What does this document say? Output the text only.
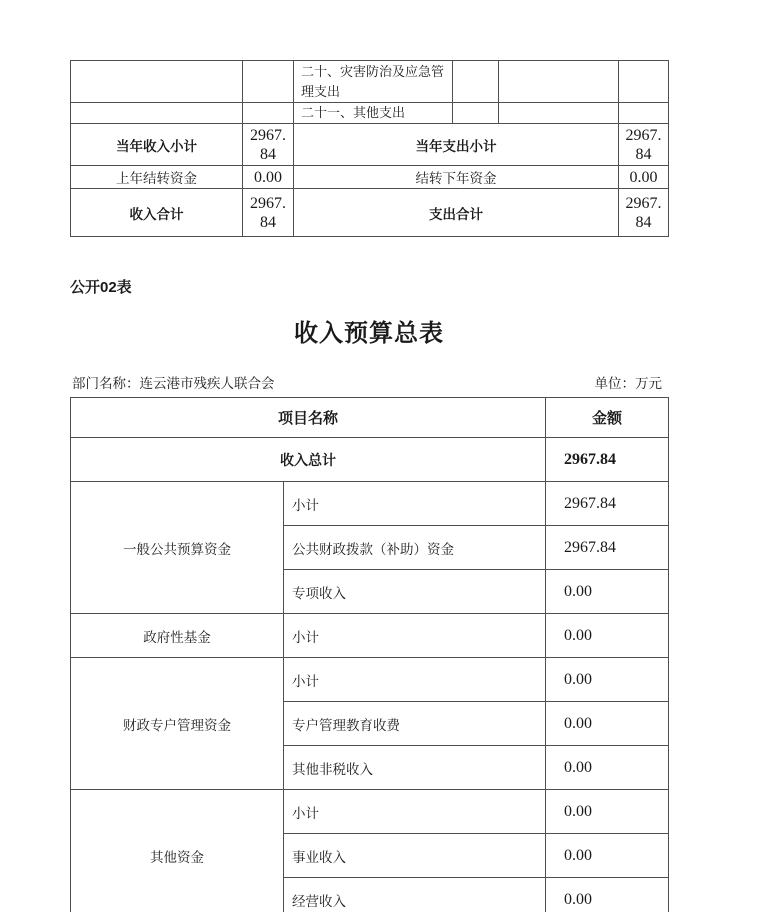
		二十、灾害防治及应急管理支出			
		二十一、其他支出			
当年收入小计	2967.84	当年支出小计			2967.84
上年结转资金	0.00	结转下年资金			0.00
收入合计	2967.84	支出合计			2967.84
公开02表
收入预算总表
部门名称：连云港市残疾人联合会	单位：万元
项目名称		金额
收入总计		2967.84
一般公共预算资金	小计	2967.84
	公共财政拨款（补助）资金	2967.84
	专项收入	0.00
政府性基金	小计	0.00
财政专户管理资金	小计	0.00
	专户管理教育收费	0.00
	其他非税收入	0.00
其他资金	小计	0.00
	事业收入	0.00
	经营收入	0.00
